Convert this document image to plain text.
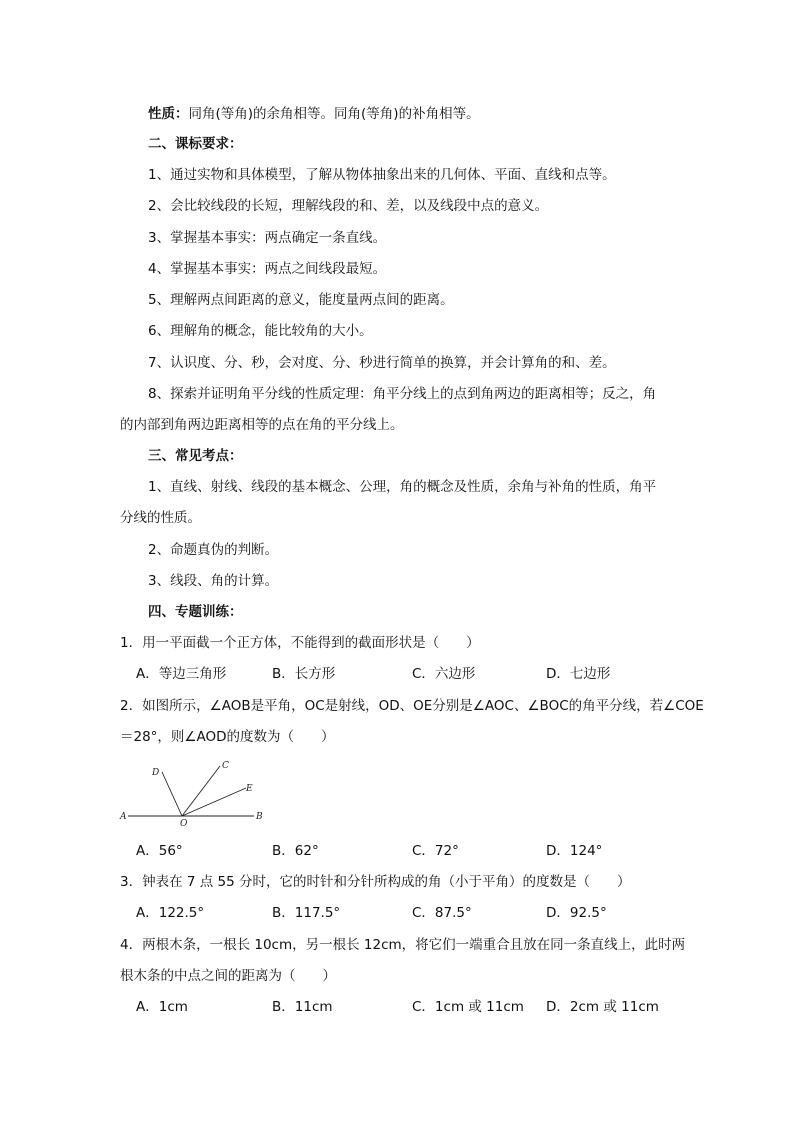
性质：同角(等角)的余角相等。同角(等角)的补角相等。
二、课标要求：
1、通过实物和具体模型，了解从物体抽象出来的几何体、平面、直线和点等。
2、会比较线段的长短，理解线段的和、差，以及线段中点的意义。
3、掌握基本事实：两点确定一条直线。
4、掌握基本事实：两点之间线段最短。
5、理解两点间距离的意义，能度量两点间的距离。
6、理解角的概念，能比较角的大小。
7、认识度、分、秒，会对度、分、秒进行简单的换算，并会计算角的和、差。
8、探索并证明角平分线的性质定理：角平分线上的点到角两边的距离相等；反之，角
的内部到角两边距离相等的点在角的平分线上。
三、常见考点：
1、直线、射线、线段的基本概念、公理，角的概念及性质，余角与补角的性质，角平
分线的性质。
2、命题真伪的判断。
3、线段、角的计算。
四、专题训练：
1．用一平面截一个正方体，不能得到的截面形状是（　　）
A．等边三角形	B．长方形	C．六边形	D．七边形
2．如图所示，∠AOB是平角，OC是射线，OD、OE分别是∠AOC、∠BOC的角平分线，若∠COE
＝28°，则∠AOD的度数为（　　）
A	B
C
D
E
O
A．56°	B．62°	C．72°	D．124°
3．钟表在 7 点 55 分时，它的时针和分针所构成的角（小于平角）的度数是（　　）
A．122.5°	B．117.5°	C．87.5°	D．92.5°
4．两根木条，一根长 10cm，另一根长 12cm，将它们一端重合且放在同一条直线上，此时两
根木条的中点之间的距离为（　　）
A．1cm	B．11cm	C．1cm 或 11cm D．2cm 或 11cm
